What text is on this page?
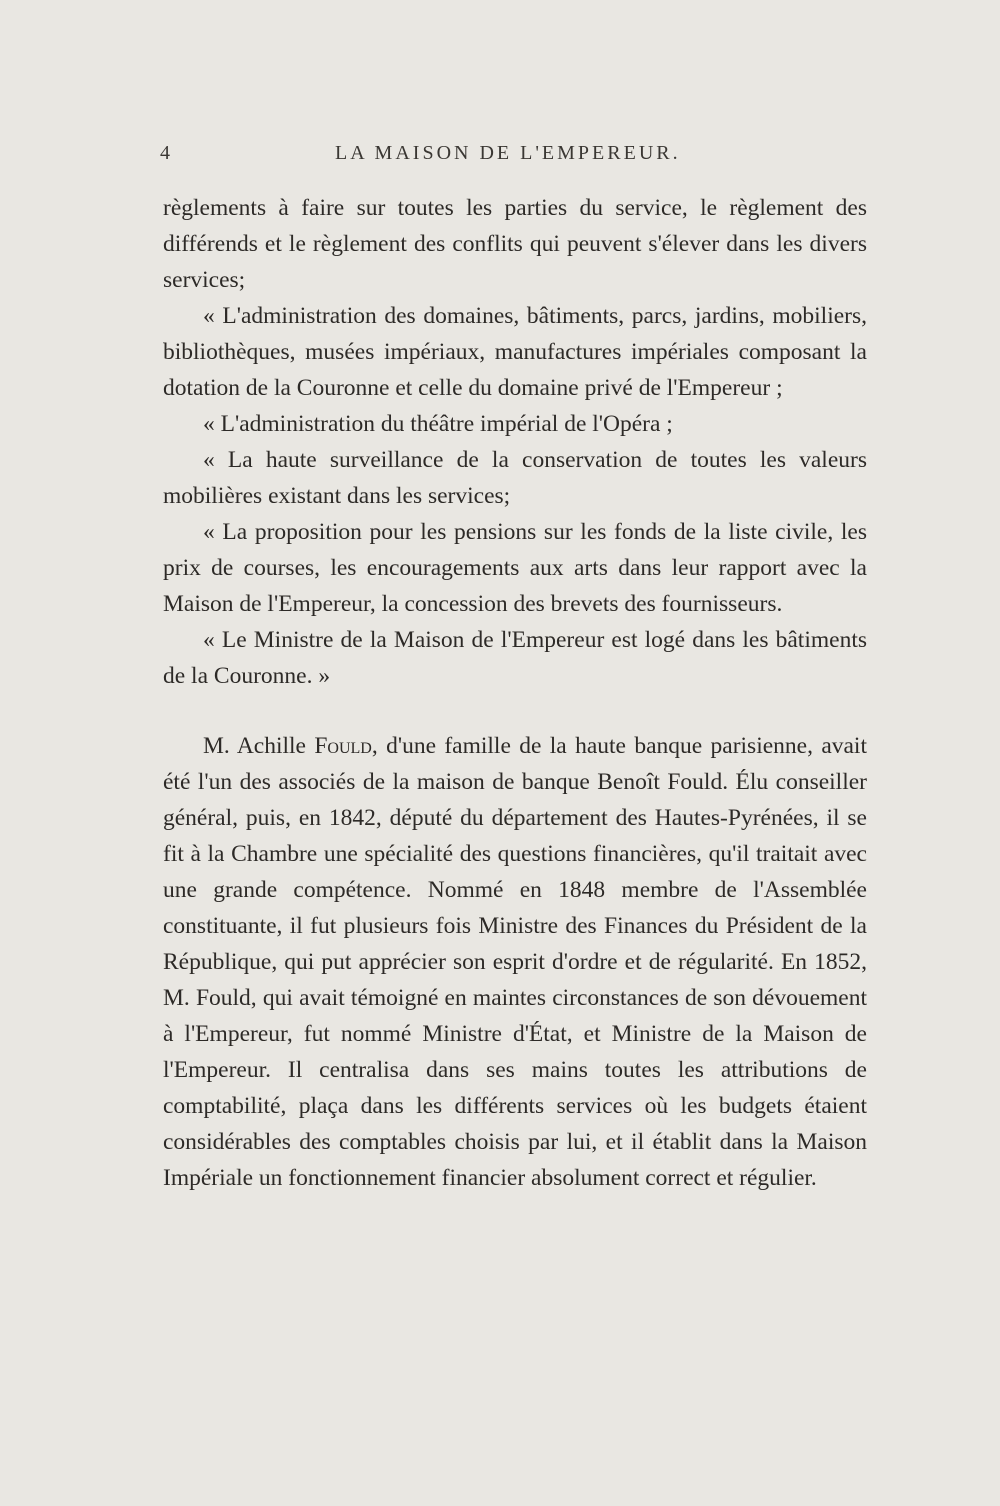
4	LA MAISON DE L'EMPEREUR.

règlements à faire sur toutes les parties du service, le règlement des différends et le règlement des conflits qui peuvent s'élever dans les divers services;

« L'administration des domaines, bâtiments, parcs, jardins, mobiliers, bibliothèques, musées impériaux, manufactures impériales composant la dotation de la Couronne et celle du domaine privé de l'Empereur ;

« L'administration du théâtre impérial de l'Opéra ;

« La haute surveillance de la conservation de toutes les valeurs mobilières existant dans les services;

« La proposition pour les pensions sur les fonds de la liste civile, les prix de courses, les encouragements aux arts dans leur rapport avec la Maison de l'Empereur, la concession des brevets des fournisseurs.

« Le Ministre de la Maison de l'Empereur est logé dans les bâtiments de la Couronne. »

M. Achille Fould, d'une famille de la haute banque parisienne, avait été l'un des associés de la maison de banque Benoît Fould. Élu conseiller général, puis, en 1842, député du département des Hautes-Pyrénées, il se fit à la Chambre une spécialité des questions financières, qu'il traitait avec une grande compétence. Nommé en 1848 membre de l'Assemblée constituante, il fut plusieurs fois Ministre des Finances du Président de la République, qui put apprécier son esprit d'ordre et de régularité. En 1852, M. Fould, qui avait témoigné en maintes circonstances de son dévouement à l'Empereur, fut nommé Ministre d'État, et Ministre de la Maison de l'Empereur. Il centralisa dans ses mains toutes les attributions de comptabilité, plaça dans les différents services où les budgets étaient considérables des comptables choisis par lui, et il établit dans la Maison Impériale un fonctionnement financier absolument correct et régulier.
